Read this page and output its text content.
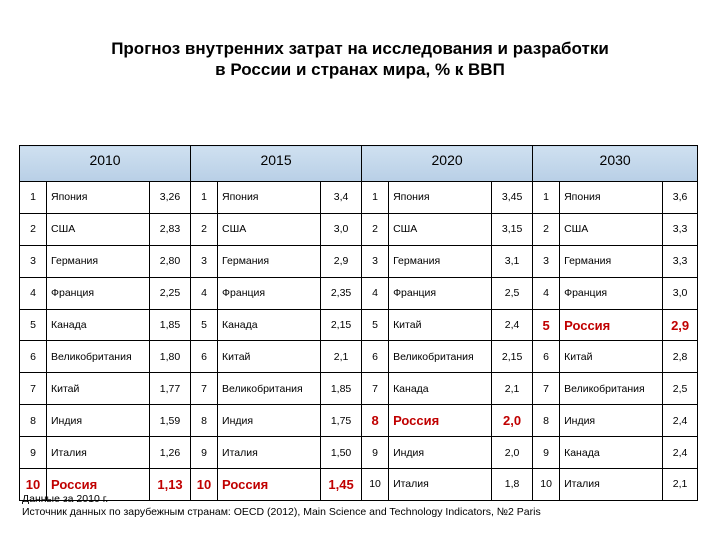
Прогноз внутренних затрат на исследования и разработки
в России и странах мира, % к ВВП
2010			2015			2020			2030		
1	Япония	3,26	1	Япония	3,4	1	Япония	3,45	1	Япония	3,6
2	США	2,83	2	США	3,0	2	США	3,15	2	США	3,3
3	Германия	2,80	3	Германия	2,9	3	Германия	3,1	3	Германия	3,3
4	Франция	2,25	4	Франция	2,35	4	Франция	2,5	4	Франция	3,0
5	Канада	1,85	5	Канада	2,15	5	Китай	2,4	5	Россия	2,9
6	Великобритания	1,80	6	Китай	2,1	6	Великобритания	2,15	6	Китай	2,8
7	Китай	1,77	7	Великобритания	1,85	7	Канада	2,1	7	Великобритания	2,5
8	Индия	1,59	8	Индия	1,75	8	Россия	2,0	8	Индия	2,4
9	Италия	1,26	9	Италия	1,50	9	Индия	2,0	9	Канада	2,4
10	Россия	1,13	10	Россия	1,45	10	Италия	1,8	10	Италия	2,1
Данные за 2010 г.
Источник данных по зарубежным странам: OECD (2012), Main Science and Technology Indicators, №2 Paris
